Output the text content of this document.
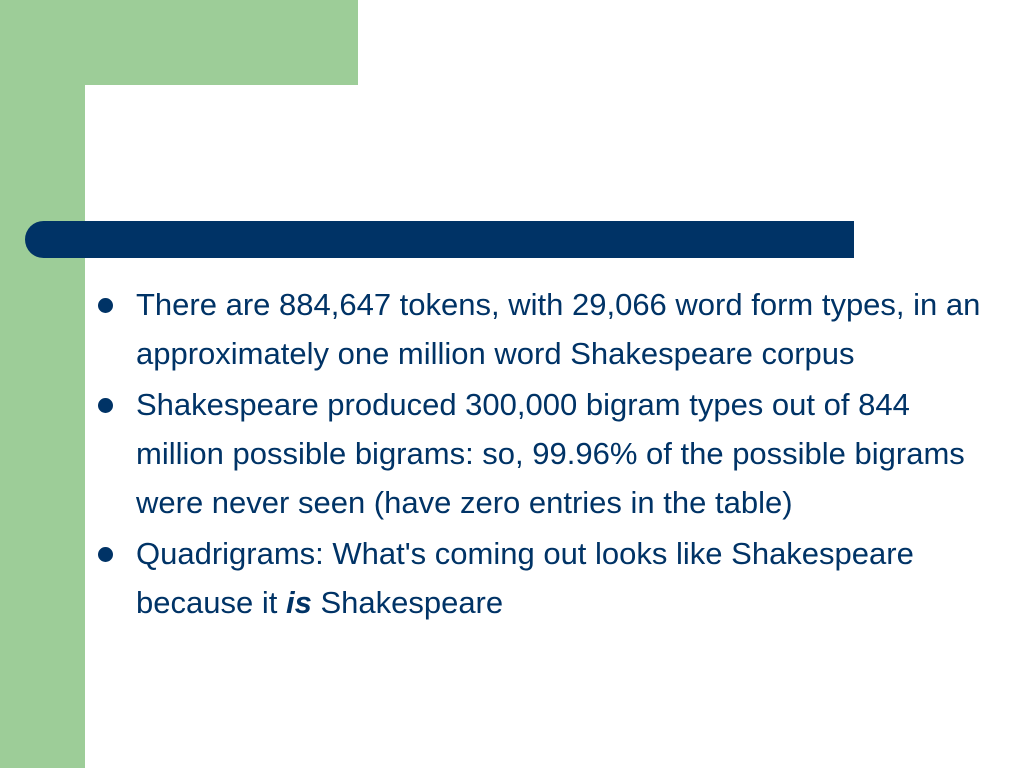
There are 884,647 tokens, with 29,066 word form types, in an approximately one million word Shakespeare corpus
Shakespeare produced 300,000 bigram types out of 844 million possible bigrams: so, 99.96% of the possible bigrams were never seen (have zero entries in the table)
Quadrigrams: What's coming out looks like Shakespeare because it is Shakespeare
